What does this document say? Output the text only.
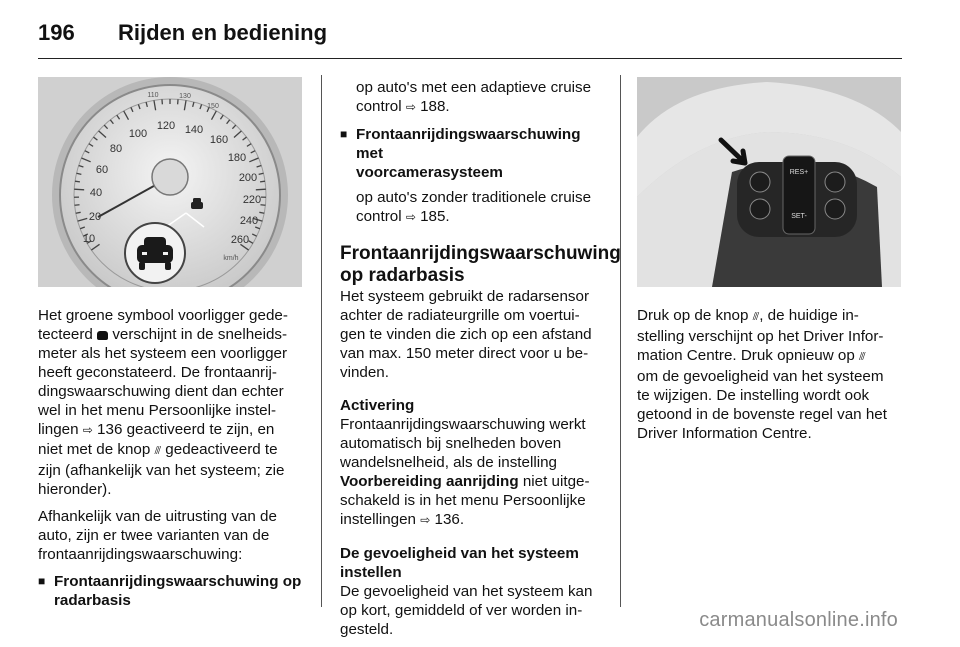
196 Rijden en bediening
10
20
40
60
80
100
120 140
160
180
200
220
240
260
110	130
150
km/h

Het groene symbool voorligger gede-
tecteerd  verschijnt in de snelheids-
meter als het systeem een voorligger
heeft geconstateerd. De frontaanrij-
dingswaarschuwing dient dan echter
wel in het menu Persoonlijke instel-
lingen ⇨ 136 geactiveerd te zijn, en
niet met de knop ⫻ gedeactiveerd te
zijn (afhankelijk van het systeem; zie
hieronder).

Afhankelijk van de uitrusting van de
auto, zijn er twee varianten van de
frontaanrijdingswaarschuwing:

■ Frontaanrijdingswaarschuwing op
radarbasis

op auto's met een adaptieve cruise
control ⇨ 188.

■ Frontaanrijdingswaarschuwing met
voorcamerasysteem

op auto's zonder traditionele cruise
control ⇨ 185.

Frontaanrijdingswaarschuwing
op radarbasis

Het systeem gebruikt de radarsensor
achter de radiateurgrille om voertui-
gen te vinden die zich op een afstand
van max. 150 meter direct voor u be-
vinden.

Activering

Frontaanrijdingswaarschuwing werkt
automatisch bij snelheden boven
wandelsnelheid, als de instelling
Voorbereiding aanrijding niet uitge-
schakeld is in het menu Persoonlijke
instellingen ⇨ 136.

De gevoeligheid van het systeem
instellen

De gevoeligheid van het systeem kan
op kort, gemiddeld of ver worden in-
gesteld.

RES+
SET-

Druk op de knop ⫻, de huidige in-
stelling verschijnt op het Driver Infor-
mation Centre. Druk opnieuw op ⫻
om de gevoeligheid van het systeem
te wijzigen. De instelling wordt ook
getoond in de bovenste regel van het
Driver Information Centre.

carmanualsonline.info
